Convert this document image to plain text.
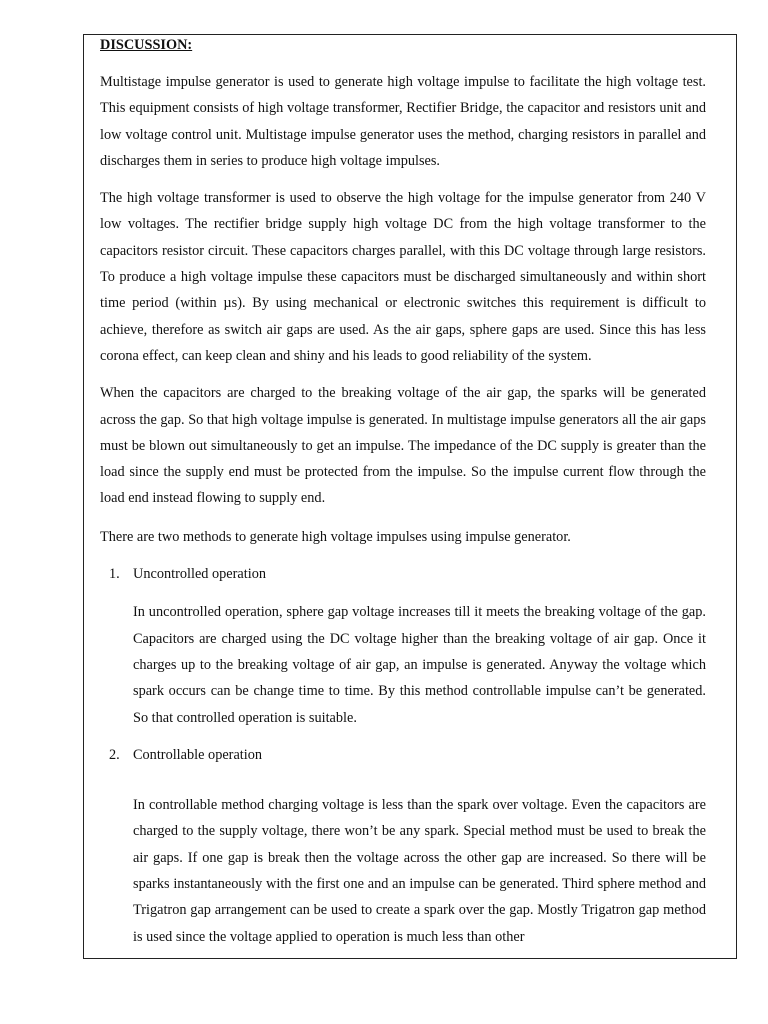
DISCUSSION:

Multistage impulse generator is used to generate high voltage impulse to facilitate the high voltage test. This equipment consists of high voltage transformer, Rectifier Bridge, the capacitor and resistors unit and low voltage control unit. Multistage impulse generator uses the method, charging resistors in parallel and discharges them in series to produce high voltage impulses.

The high voltage transformer is used to observe the high voltage for the impulse generator from 240 V low voltages. The rectifier bridge supply high voltage DC from the high voltage transformer to the capacitors resistor circuit. These capacitors charges parallel, with this DC voltage through large resistors. To produce a high voltage impulse these capacitors must be discharged simultaneously and within short time period (within µs). By using mechanical or electronic switches this requirement is difficult to achieve, therefore as switch air gaps are used. As the air gaps, sphere gaps are used. Since this has less corona effect, can keep clean and shiny and his leads to good reliability of the system.

When the capacitors are charged to the breaking voltage of the air gap, the sparks will be generated across the gap. So that high voltage impulse is generated. In multistage impulse generators all the air gaps must be blown out simultaneously to get an impulse. The impedance of the DC supply is greater than the load since the supply end must be protected from the impulse. So the impulse current flow through the load end instead flowing to supply end.

There are two methods to generate high voltage impulses using impulse generator.

1. Uncontrolled operation

In uncontrolled operation, sphere gap voltage increases till it meets the breaking voltage of the gap. Capacitors are charged using the DC voltage higher than the breaking voltage of air gap. Once it charges up to the breaking voltage of air gap, an impulse is generated. Anyway the voltage which spark occurs can be change time to time. By this method controllable impulse can’t be generated. So that controlled operation is suitable.

2. Controllable operation

In controllable method charging voltage is less than the spark over voltage. Even the capacitors are charged to the supply voltage, there won’t be any spark. Special method must be used to break the air gaps. If one gap is break then the voltage across the other gap are increased. So there will be sparks instantaneously with the first one and an impulse can be generated. Third sphere method and Trigatron gap arrangement can be used to create a spark over the gap. Mostly Trigatron gap method is used since the voltage applied to operation is much less than other
